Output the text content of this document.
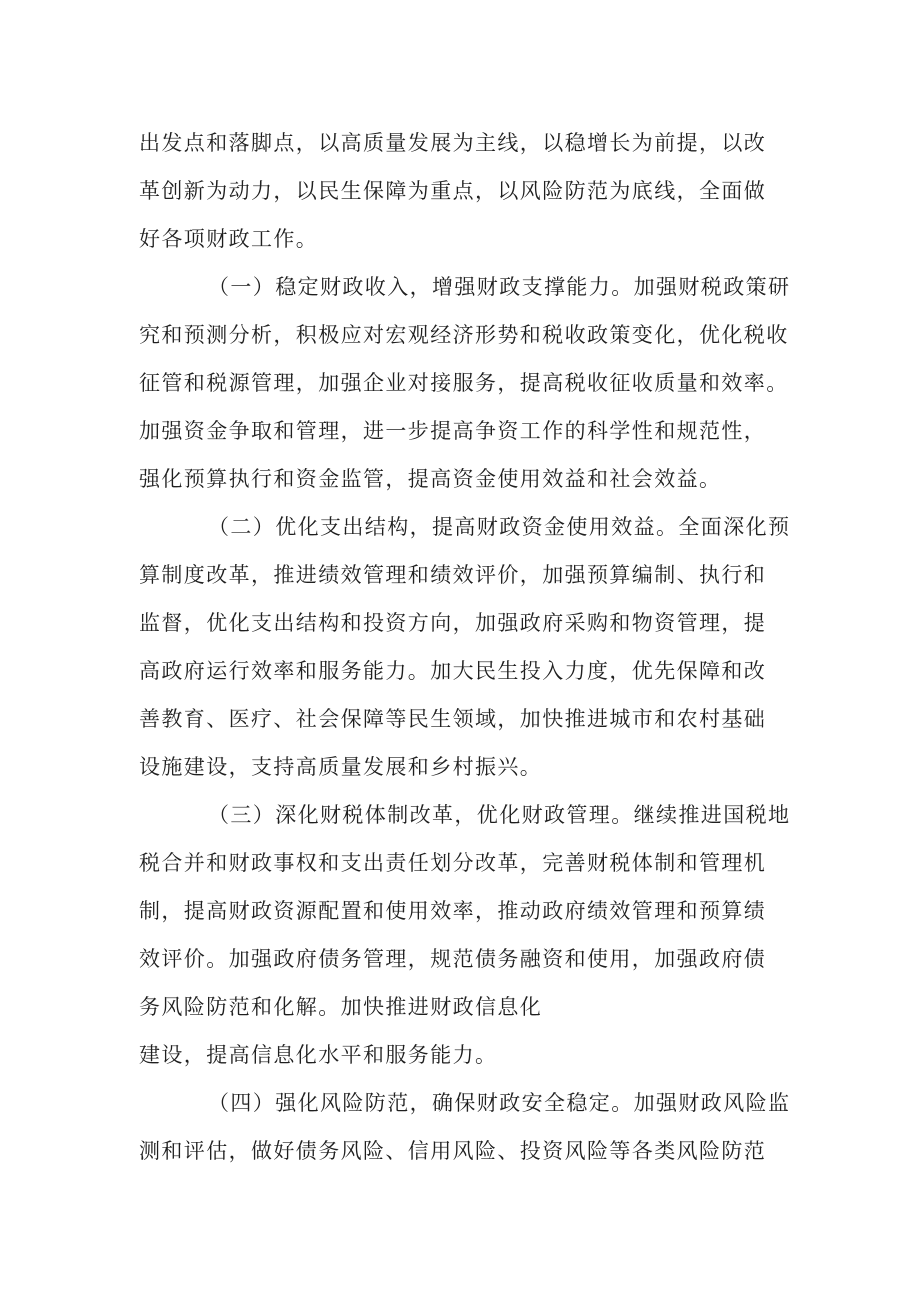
出发点和落脚点，以高质量发展为主线，以稳增长为前提，以改
革创新为动力，以民生保障为重点，以风险防范为底线，全面做
好各项财政工作。
（一）稳定财政收入，增强财政支撑能力。加强财税政策研
究和预测分析，积极应对宏观经济形势和税收政策变化，优化税收
征管和税源管理，加强企业对接服务，提高税收征收质量和效率。
加强资金争取和管理，进一步提高争资工作的科学性和规范性，
强化预算执行和资金监管，提高资金使用效益和社会效益。
（二）优化支出结构，提高财政资金使用效益。全面深化预
算制度改革，推进绩效管理和绩效评价，加强预算编制、执行和
监督，优化支出结构和投资方向，加强政府采购和物资管理，提
高政府运行效率和服务能力。加大民生投入力度，优先保障和改
善教育、医疗、社会保障等民生领域，加快推进城市和农村基础
设施建设，支持高质量发展和乡村振兴。
（三）深化财税体制改革，优化财政管理。继续推进国税地
税合并和财政事权和支出责任划分改革，完善财税体制和管理机
制，提高财政资源配置和使用效率，推动政府绩效管理和预算绩
效评价。加强政府债务管理，规范债务融资和使用，加强政府债
务风险防范和化解。加快推进财政信息化
建设，提高信息化水平和服务能力。
（四）强化风险防范，确保财政安全稳定。加强财政风险监
测和评估，做好债务风险、信用风险、投资风险等各类风险防范
